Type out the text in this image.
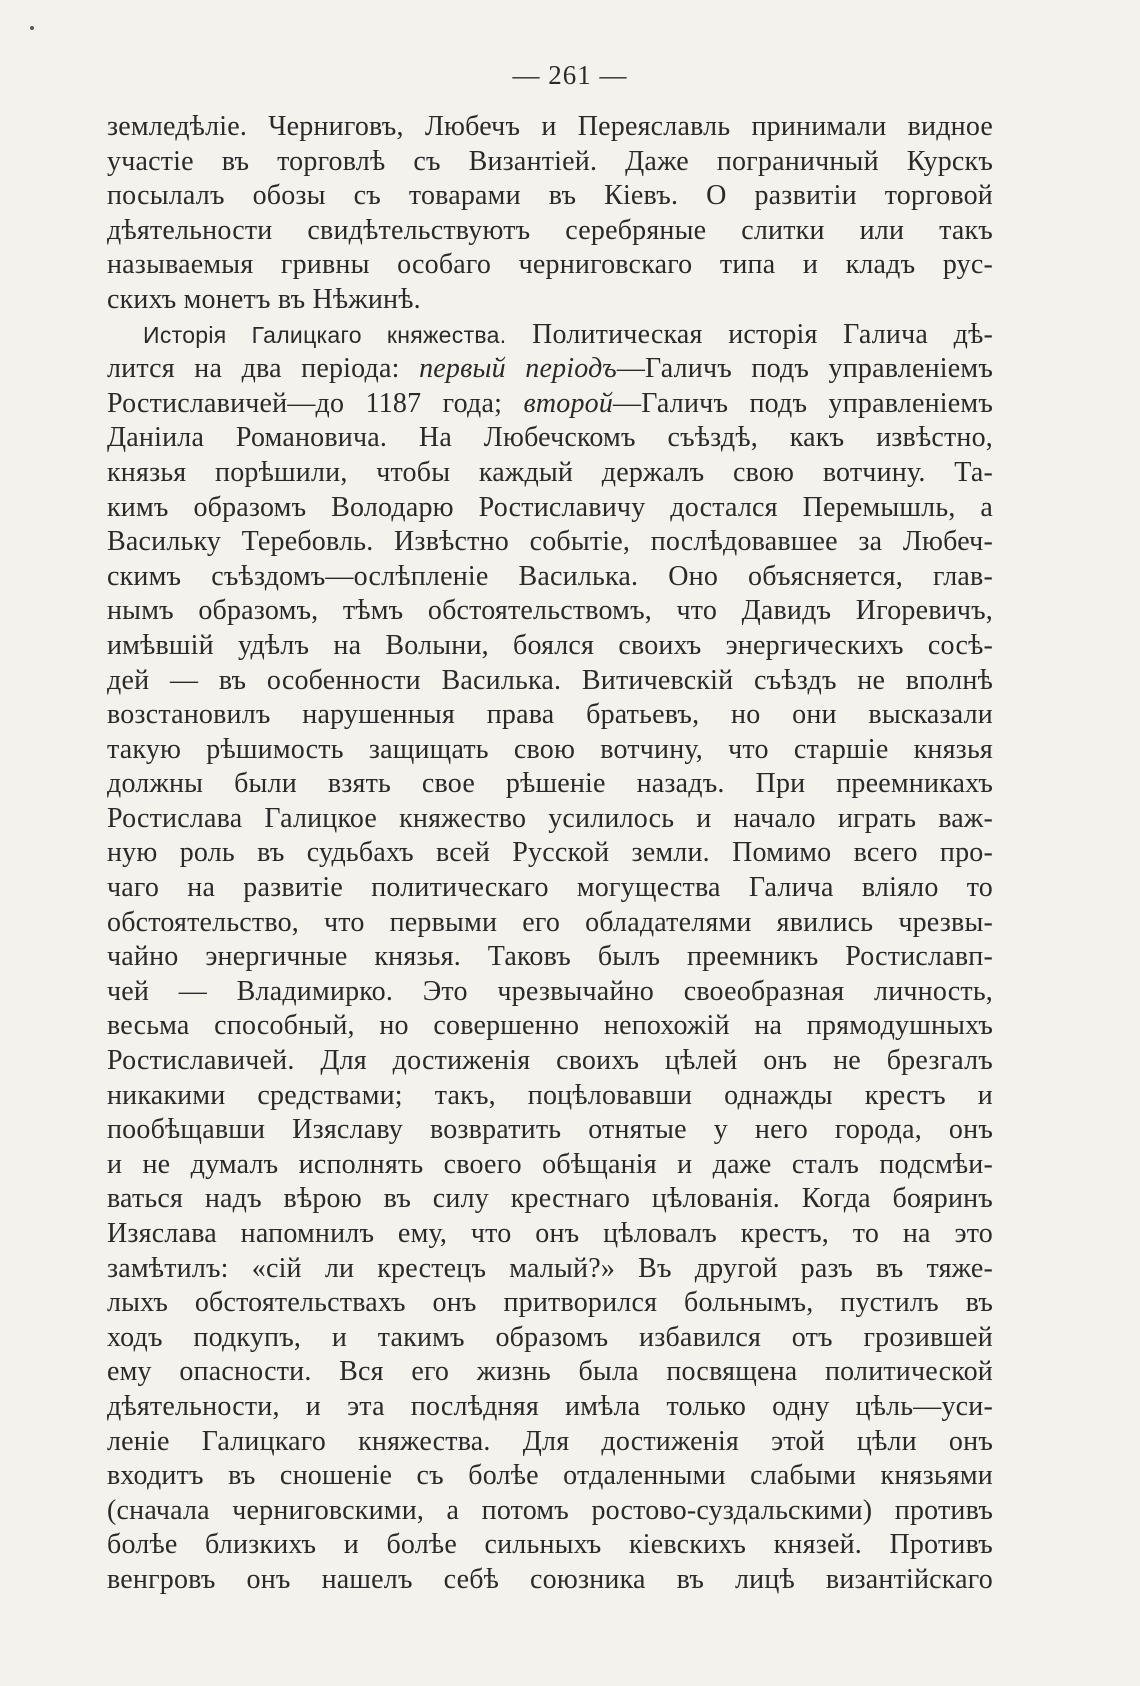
— 261 —
земледѣліе. Черниговъ, Любечъ и Переяславль принимали видное
участіе въ торговлѣ съ Византіей. Даже пограничный Курскъ
посылалъ обозы съ товарами въ Кіевъ. О развитіи торговой
дѣятельности свидѣтельствуютъ серебряные слитки или такъ
называемыя гривны особаго черниговскаго типа и кладъ рус-
скихъ монетъ въ Нѣжинѣ.
Исторія Галицкаго княжества. Политическая исторія Галича дѣ-
лится на два періода: первый періодъ—Галичъ подъ управленіемъ
Ростиславичей—до 1187 года; второй—Галичъ подъ управленіемъ
Даніила Романовича. На Любечскомъ съѣздѣ, какъ извѣстно,
князья порѣшили, чтобы каждый держалъ свою вотчину. Та-
кимъ образомъ Володарю Ростиславичу достался Перемышль, а
Васильку Теребовль. Извѣстно событіе, послѣдовавшее за Любеч-
скимъ съѣздомъ—ослѣпленіе Василька. Оно объясняется, глав-
нымъ образомъ, тѣмъ обстоятельствомъ, что Давидъ Игоревичъ,
имѣвшій удѣлъ на Волыни, боялся своихъ энергическихъ сосѣ-
дей — въ особенности Василька. Витичевскій съѣздъ не вполнѣ
возстановилъ нарушенныя права братьевъ, но они высказали
такую рѣшимость защищать свою вотчину, что старшіе князья
должны были взять свое рѣшеніе назадъ. При преемникахъ
Ростислава Галицкое княжество усилилось и начало играть важ-
ную роль въ судьбахъ всей Русской земли. Помимо всего про-
чаго на развитіе политическаго могущества Галича вліяло то
обстоятельство, что первыми его обладателями явились чрезвы-
чайно энергичные князья. Таковъ былъ преемникъ Ростиславп-
чей — Владимирко. Это чрезвычайно своеобразная личность,
весьма способный, но совершенно непохожій на прямодушныхъ
Ростиславичей. Для достиженія своихъ цѣлей онъ не брезгалъ
никакими средствами; такъ, поцѣловавши однажды крестъ и
пообѣщавши Изяславу возвратить отнятые у него города, онъ
и не думалъ исполнять своего обѣщанія и даже сталъ подсмѣи-
ваться надъ вѣрою въ силу крестнаго цѣлованія. Когда бояринъ
Изяслава напомнилъ ему, что онъ цѣловалъ крестъ, то на это
замѣтилъ: «сій ли крестецъ малый?» Въ другой разъ въ тяже-
лыхъ обстоятельствахъ онъ притворился больнымъ, пустилъ въ
ходъ подкупъ, и такимъ образомъ избавился отъ грозившей
ему опасности. Вся его жизнь была посвящена политической
дѣятельности, и эта послѣдняя имѣла только одну цѣль—уси-
леніе Галицкаго княжества. Для достиженія этой цѣли онъ
входитъ въ сношеніе съ болѣе отдаленными слабыми князьями
(сначала черниговскими, а потомъ ростово-суздальскими) противъ
болѣе близкихъ и болѣе сильныхъ кіевскихъ князей. Противъ
венгровъ онъ нашелъ себѣ союзника въ лицѣ византійскаго
